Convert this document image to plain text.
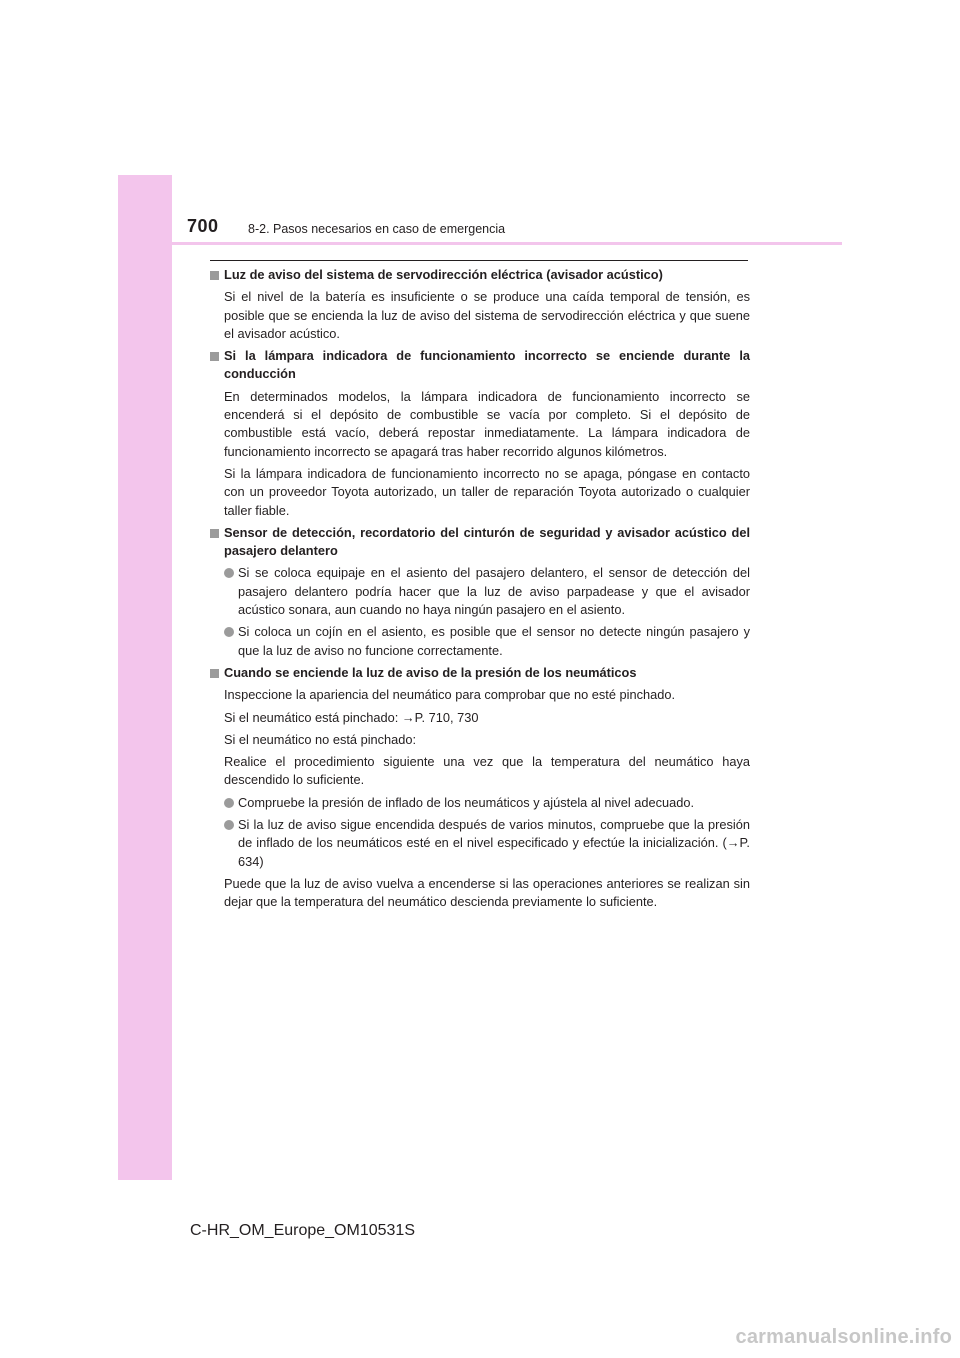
700 8-2. Pasos necesarios en caso de emergencia

Luz de aviso del sistema de servodirección eléctrica (avisador acústico)

Si el nivel de la batería es insuficiente o se produce una caída temporal de tensión, es posible que se encienda la luz de aviso del sistema de servodirección eléctrica y que suene el avisador acústico.

Si la lámpara indicadora de funcionamiento incorrecto se enciende durante la conducción

En determinados modelos, la lámpara indicadora de funcionamiento incorrecto se encenderá si el depósito de combustible se vacía por completo. Si el depósito de combustible está vacío, deberá repostar inmediatamente. La lámpara indicadora de funcionamiento incorrecto se apagará tras haber recorrido algunos kilómetros.

Si la lámpara indicadora de funcionamiento incorrecto no se apaga, póngase en contacto con un proveedor Toyota autorizado, un taller de reparación Toyota autorizado o cualquier taller fiable.

Sensor de detección, recordatorio del cinturón de seguridad y avisador acústico del pasajero delantero

Si se coloca equipaje en el asiento del pasajero delantero, el sensor de detección del pasajero delantero podría hacer que la luz de aviso parpadease y que el avisador acústico sonara, aun cuando no haya ningún pasajero en el asiento.

Si coloca un cojín en el asiento, es posible que el sensor no detecte ningún pasajero y que la luz de aviso no funcione correctamente.

Cuando se enciende la luz de aviso de la presión de los neumáticos

Inspeccione la apariencia del neumático para comprobar que no esté pinchado.

Si el neumático está pinchado: →P. 710, 730

Si el neumático no está pinchado:

Realice el procedimiento siguiente una vez que la temperatura del neumático haya descendido lo suficiente.

Compruebe la presión de inflado de los neumáticos y ajústela al nivel adecuado.

Si la luz de aviso sigue encendida después de varios minutos, compruebe que la presión de inflado de los neumáticos esté en el nivel especificado y efectúe la inicialización. (→P. 634)

Puede que la luz de aviso vuelva a encenderse si las operaciones anteriores se realizan sin dejar que la temperatura del neumático descienda previamente lo suficiente.

C-HR_OM_Europe_OM10531S
carmanualsonline.info
